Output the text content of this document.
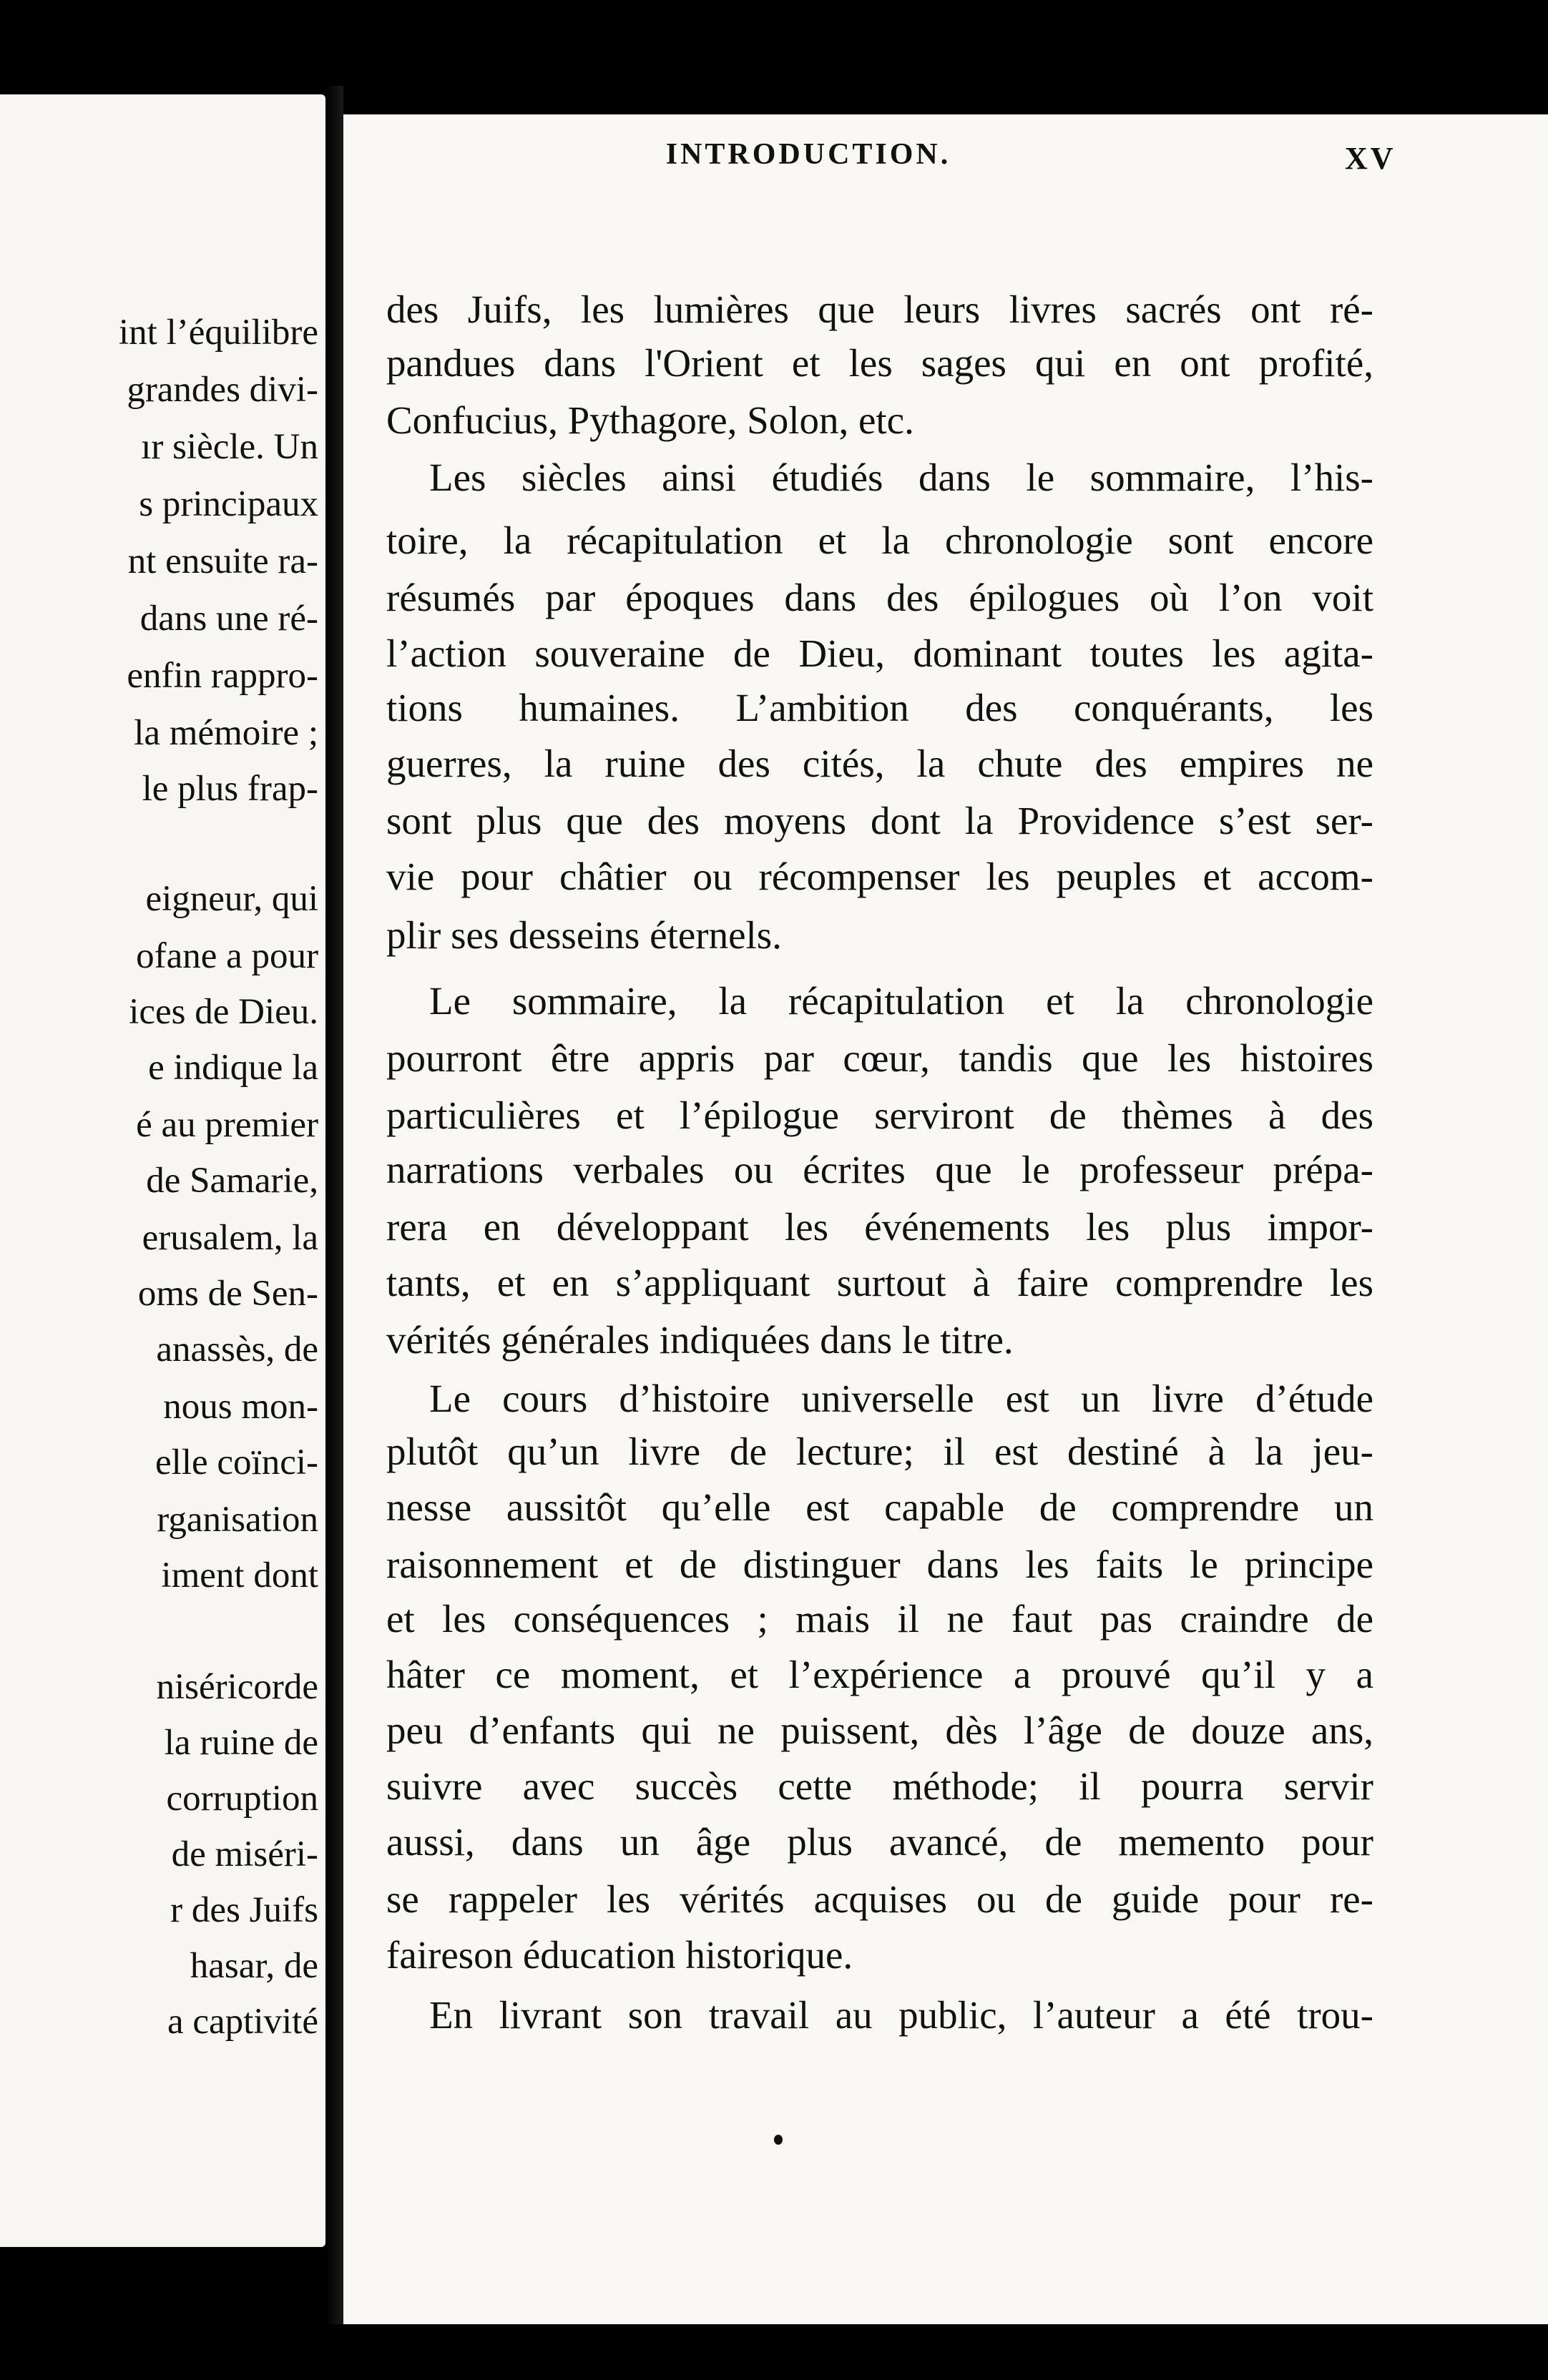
int l’équilibre
grandes divi-
ır siècle. Un
s principaux
nt ensuite ra-
dans une ré-
enfin rappro-
la mémoire ;
le plus frap-
eigneur, qui
ofane a pour
ices de Dieu.
e indique la
é au premier
de Samarie,
erusalem, la
oms de Sen-
anassès, de
nous mon-
elle coïnci-
rganisation
iment dont
niséricorde
la ruine de
corruption
de miséri-
r des Juifs
hasar, de
a captivité
INTRODUCTION.	XV
des Juifs, les lumières que leurs livres sacrés ont ré-
pandues dans l'Orient et les sages qui en ont profité,
Confucius, Pythagore, Solon, etc.
Les siècles ainsi étudiés dans le sommaire, l’his-
toire, la récapitulation et la chronologie sont encore
résumés par époques dans des épilogues où l’on voit
l’action souveraine de Dieu, dominant toutes les agita-
tions humaines. L’ambition des conquérants, les
guerres, la ruine des cités, la chute des empires ne
sont plus que des moyens dont la Providence s’est ser-
vie pour châtier ou récompenser les peuples et accom-
plir ses desseins éternels.
Le sommaire, la récapitulation et la chronologie
pourront être appris par cœur, tandis que les histoires
particulières et l’épilogue serviront de thèmes à des
narrations verbales ou écrites que le professeur prépa-
rera en développant les événements les plus impor-
tants, et en s’appliquant surtout à faire comprendre les
vérités générales indiquées dans le titre.
Le cours d’histoire universelle est un livre d’étude
plutôt qu’un livre de lecture; il est destiné à la jeu-
nesse aussitôt qu’elle est capable de comprendre un
raisonnement et de distinguer dans les faits le principe
et les conséquences ; mais il ne faut pas craindre de
hâter ce moment, et l’expérience a prouvé qu’il y a
peu d’enfants qui ne puissent, dès l’âge de douze ans,
suivre avec succès cette méthode; il pourra servir
aussi, dans un âge plus avancé, de memento pour
se rappeler les vérités acquises ou de guide pour re-
faireson éducation historique.
En livrant son travail au public, l’auteur a été trou-
